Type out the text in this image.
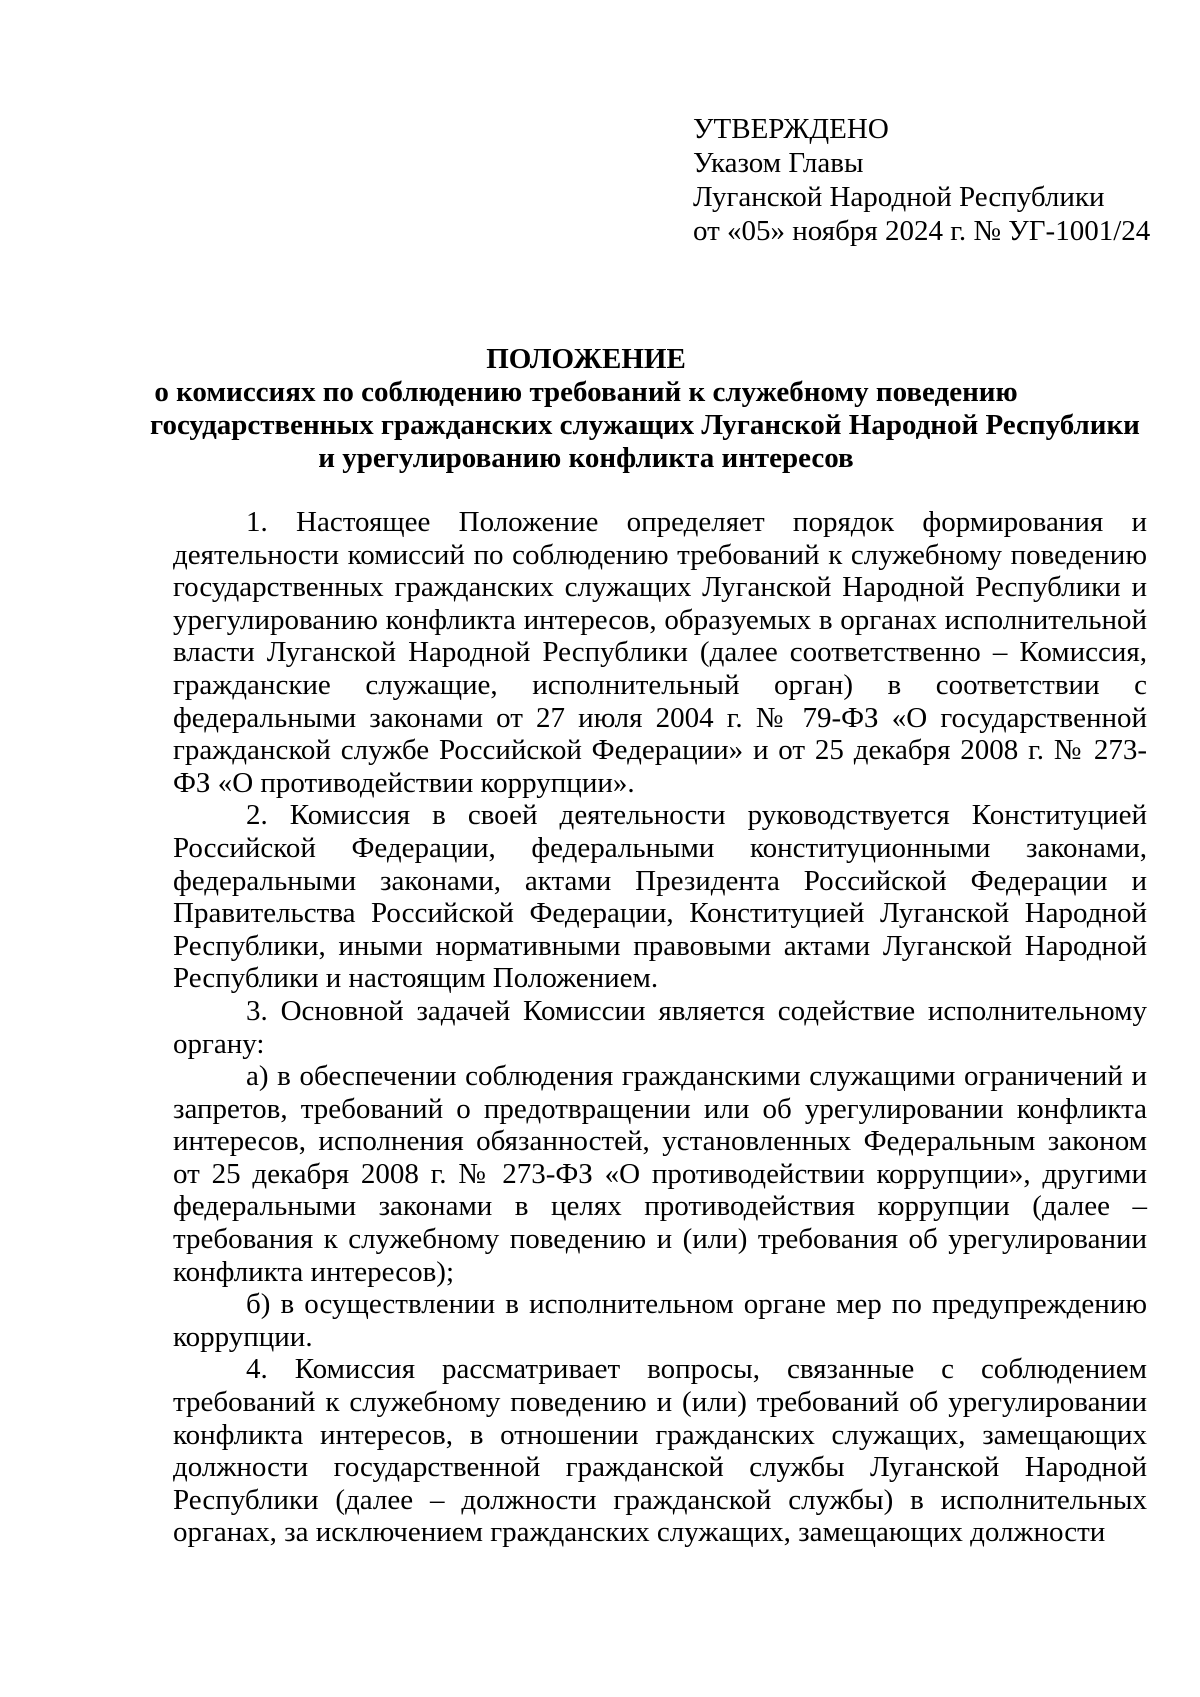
УТВЕРЖДЕНО
Указом Главы
Луганской Народной Республики
от «05» ноября 2024 г. № УГ-1001/24
ПОЛОЖЕНИЕ
о комиссиях по соблюдению требований к служебному поведению
государственных гражданских служащих Луганской Народной Республики
и урегулированию конфликта интересов

1. Настоящее Положение определяет порядок формирования и деятельности комиссий по соблюдению требований к служебному поведению государственных гражданских служащих Луганской Народной Республики и урегулированию конфликта интересов, образуемых в органах исполнительной власти Луганской Народной Республики (далее соответственно – Комиссия, гражданские служащие, исполнительный орган) в соответствии с федеральными законами от 27 июля 2004 г. № 79-ФЗ «О государственной гражданской службе Российской Федерации» и от 25 декабря 2008 г. № 273-ФЗ «О противодействии коррупции».

2. Комиссия в своей деятельности руководствуется Конституцией Российской Федерации, федеральными конституционными законами, федеральными законами, актами Президента Российской Федерации и Правительства Российской Федерации, Конституцией Луганской Народной Республики, иными нормативными правовыми актами Луганской Народной Республики и настоящим Положением.

3. Основной задачей Комиссии является содействие исполнительному органу:

а) в обеспечении соблюдения гражданскими служащими ограничений и запретов, требований о предотвращении или об урегулировании конфликта интересов, исполнения обязанностей, установленных Федеральным законом от 25 декабря 2008 г. № 273-ФЗ «О противодействии коррупции», другими федеральными законами в целях противодействия коррупции (далее – требования к служебному поведению и (или) требования об урегулировании конфликта интересов);

б) в осуществлении в исполнительном органе мер по предупреждению коррупции.

4. Комиссия рассматривает вопросы, связанные с соблюдением требований к служебному поведению и (или) требований об урегулировании конфликта интересов, в отношении гражданских служащих, замещающих должности государственной гражданской службы Луганской Народной Республики (далее – должности гражданской службы) в исполнительных органах, за исключением гражданских служащих, замещающих должности
